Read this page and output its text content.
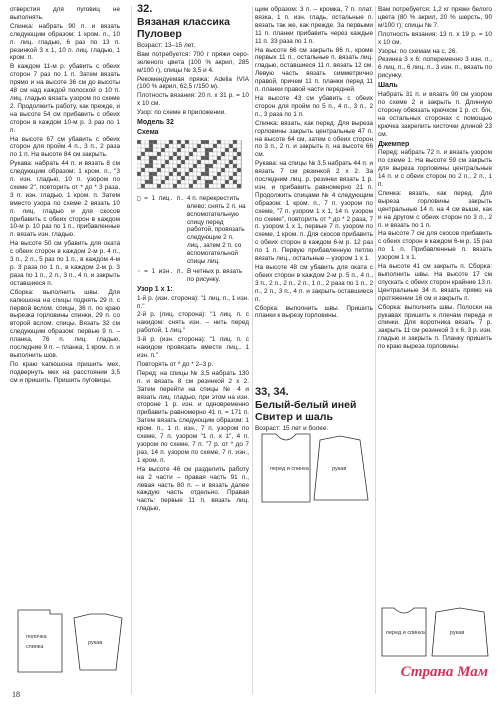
отверстия для пуговиц не выполнять.

Спинка: набрать 90 п. и вязать следующим образом: 1 кром. п., 10 п. лиц. гладью, 6 раз по 13 п. резинкой 3 х 1, 10 п. лиц. гладью, 1 кром. п.

В каждом 11-м р. убавить с обеих сторон 7 раз по 1 п. Затем вязать прямо и на высоте 36 см до высоты 48 см над каждой полоской о 10 п. лиц. гладью вязать узором по схеме 2. Продолжить работу, как прежде, и на высоте 54 см прибавить с обеих сторон в каждом 10-м р. 3 раз по 1 п.

На высоте 67 см убавить с обеих сторон для пройм 4 п., 3 п., 2 раза по 1 п. На высоте 84 см закрыть.

Рукава: набрать 44 п. и вязать 8 см следующим образом: 1 кром. п., "3 п. изн. гладью, 10 п. узором по схеме 2", повторить от * до * 3 раза, 3 п. изн. гладью, 1 кром. п. Затем вместо узора по схеме 2 вязать 10 п. лиц. гладью и для скосов прибавить с обеих сторон в каждом 10-м р. 10 раз по 1 п., прибавленные п. вязать изн. гладью.

На высоте 50 см убавить для оката с обеих сторон в каждом 2-м р. 4 п., 3 п., 2 п., 5 раз по 1 п., в каждом 4-м р. 3 раза по 1 п., в каждом 2-м р. 3 раза по 1 п., 2 п., 3 п., 4 п. и закрыть оставшиеся п.

Сборка: выполнить швы. Для капюшона на спицы поднять 29 п. с первой вслом. спицы, 36 п. по краю вырезка горловины спинки, 29 п. со второй вслом. спицы. Вязать 32 см следующим образом: первые 9 п. – планка, 76 п. лиц. гладью, последние 9 п. – планка, 1 кром. п. и выполнить шов.

По краю капюшона пришить мех, подвернуть мех на расстоянии 3,5 см и пришить. Пришить пуговицы.

32.
Вязаная классика Пуловер

Возраст: 13–15 лет.

Вам потребуется: 700 г пряжи серо-зеленого цвета (100 % акрил, 285 м/100 г), спицы № 3,5 и 4.

Рекомендуемая пряжа: Adelia IVIA (100 % акрил, 62,5 г/150 м).

Плотность вязания: 20 п. х 31 р. = 10 х 10 см.

Узор: по схеме в приложении.

Модель 32
Схема
□ = 1 лиц. п. 4 п. перекрестить влево: снять 2 п. на вспомогательную спицу перед работой, провязать следующие 2 п. лиц., затем 2 п. со вспомогательной спицы лиц.
◦ = 1 изн. п. В четных р. вязать по рисунку.
Узор 1 х 1:

1-й р. (изн. сторона): "1 лиц. п., 1 изн. п."

2-й р. (лиц. сторона): "1 лиц. п. с накидом: снять изн. – нить перед работой, 1 лиц."

3-й р. (изн. сторона): "1 лиц. п. с накидом провязать вместе лиц., 1 изн. п."

Повторять от * до * 2–3 р.

Перед: на спицы № 3,5 набрать 130 п. и вязать 8 см резинкой 2 х 2. Затем перейти на спицы № 4 и вязать лиц. гладью, при этом на изн. стороне 1 р. изн. и одновременно прибавить равномерно 41 п. = 171 п. Затем вязать следующим образом: 1 кром. п., 1 п. изн., 7 п. узором по схеме, 7 п. узором "1 п. х 1", 4 п. узором по схеме, 7 п. "7 р. от * до 7 раз, 14 п. узором по схеме, 7 п. изн., 1 кром. п.

На высоте 46 см разделить работу на 2 части – правая часть 91 п., левая часть 80 п. – и вязать далее каждую часть отдельно. Правая часть: первые 11 п. вязать лиц. гладью,

щим образом: 3 п. – кромка, 7 п. плат. вязка, 1 п. изн. гладь, остальные п. вязать так же, как прежде. За первыми 11 п. планки прибавить через каждые 11 п. 33 раза по 1 п.

На высоте 66 см закрыть 86 п., кроме первых 11 п., остальные п. вязать лиц. гладью, оставшиеся 11 п. вязать 12 см. Левую часть вязать симметрично правой, причем 11 п. планки перед 11 п. планки правой части передней.

На высоте 43 см убавить с обеих сторон для пройм по 5 п., 4 п., 3 п., 2 п., 3 раза по 1 п.

Спинка: вязать, как перед. Для выреза горловины закрыть центральные 47 п. на высоте 64 см, затем с обеих сторон по 3 п., 2 п. и закрыть п. на высоте 66 см.

Рукава: на спицы № 3,5 набрать 44 п. и вязать 7 см резинкой 2 х 2. За последним лиц. р. резинки вязать 1 р. изн. и прибавить равномерно 21 п. Продолжить спицами № 4 следующим образом: 1 кром. п., 7 п. узором по схеме, "7 п. узором 1 х 1, 14 п. узором по схеме", повторить от * до * 2 раза, 7 п. узором 1 х 1, первые 7 п. узором по схеме, 1 кром. п. Для скосов прибавить с обеих сторон в каждом 6-м р. 12 раз по 1 п. Первую прибавленную петлю вязать лиц., остальные – узором 1 х 1.

На высоте 48 см убавить для оката с обеих сторон в каждом 2-м р. 5 п., 4 п., 3 п., 2 п., 2 п., 2 п., 1 п., 2 раза по 1 п., 2 п., 2 п., 3 п., 4 п. и закрыть оставшиеся п.

Сборка: выполнить швы. Пришить планки к вырезу горловины.

33, 34.
Белый-белый иней Свитер и шаль

Возраст: 15 лет и более.

Вам потребуется: 1,2 кг пряжи белого цвета (80 % акрил, 20 % шерсть, 90 м/100 г); спицы № 7.

Плотность вязания: 13 п. х 19 р. = 10 х 10 см.

Узоры: по схемам на с. 26.

Резинка 3 х 6: попеременно 3 изн. п., 6 лиц. п., 6 лиц. п., 3 изн. п., вязать по рисунку.

Шаль

Набрать 31 п. и вязать 90 см узором по схеме 2 и закрыть п. Длинную сторону обвязать крючком 1 р. ст. б/н, на остальных сторонах с помощью крючка закрепить кисточки длиной 23 см.

Джемпер

Перед: набрать 72 п. и вязать узором по схеме 1. На высоте 59 см закрыть для выреза горловины центральные 14 п. и с обеих сторон по 2 п., 2 п., 1 п.

Спинка: вязать, как перед. Для выреза горловины закрыть центральные 14 п. на 4 см выше, как и на другом с обеих сторон по 3 п., 2 п. и вязать по 1 п.

На высоте 7 см для скосов прибавить с обеих сторон в каждом 6-м р. 15 раз по 1 п. Прибавленные п. вязать узором 1 х 1.

На высоте 41 см закрыть п. Сборка: выполнить швы. На высоте 17 см спускать с обеих сторон крайние 13 п. Центральные 34 п. вязать прямо на протяжении 16 см и закрыть п.

Сборка: выполнить швы. Полоски на рукавах пришить к плечам переда и спинки. Для воротника вязать 7 р. закрыть 11 см резинкой 3 х 6, 3 р. изн. гладью и закрыть п. Планку пришить по краю выреза горловины.

рукав
полочка
спинка
перед и спинка	рукав
перед и спинка	рукав
Страна Мам
18
